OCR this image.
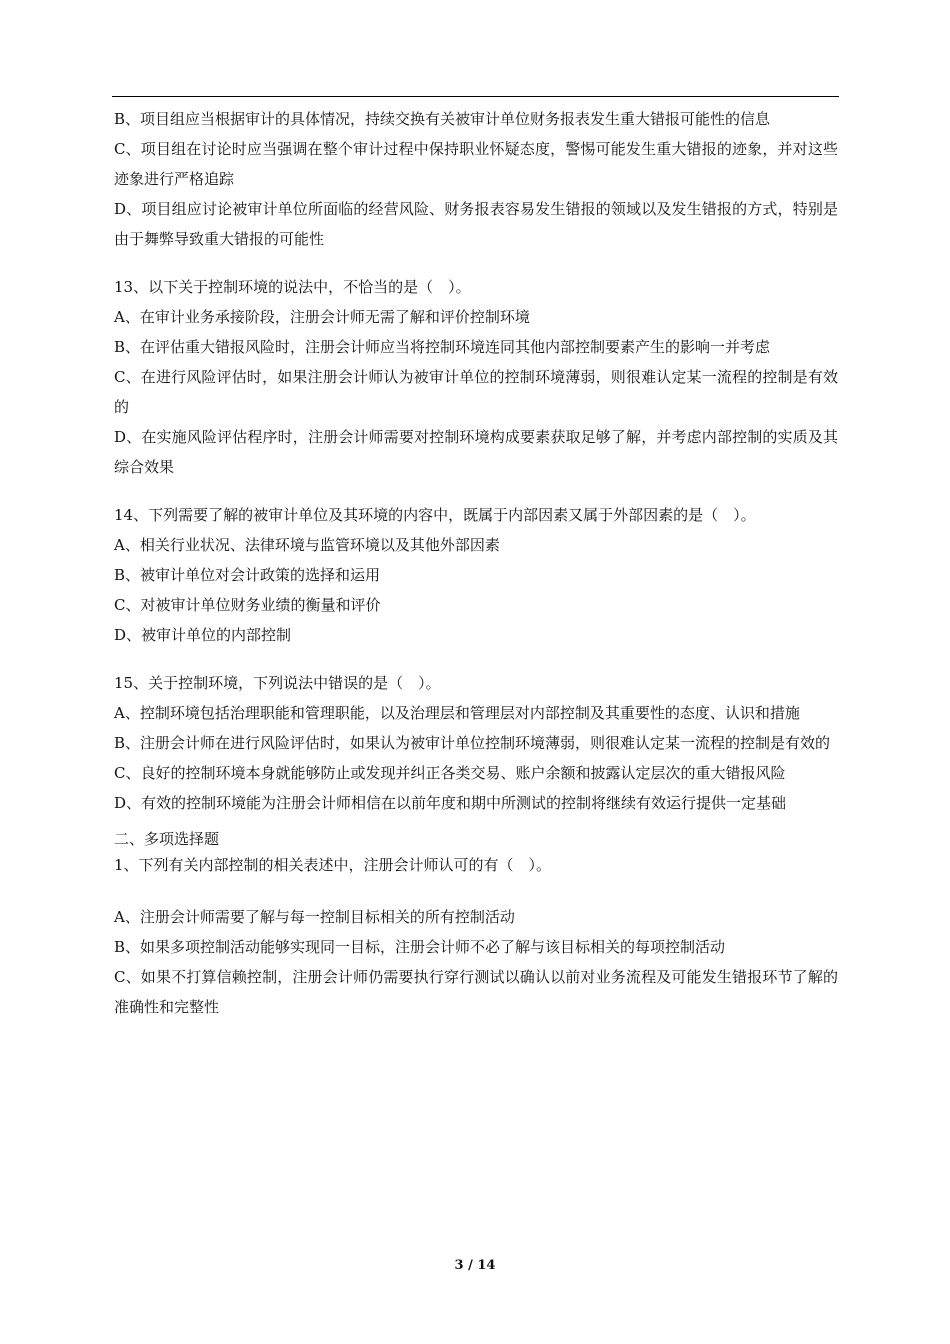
B、项目组应当根据审计的具体情况，持续交换有关被审计单位财务报表发生重大错报可能性的信息

C、项目组在讨论时应当强调在整个审计过程中保持职业怀疑态度，警惕可能发生重大错报的迹象，并对这些迹象进行严格追踪

D、项目组应讨论被审计单位所面临的经营风险、财务报表容易发生错报的领域以及发生错报的方式，特别是由于舞弊导致重大错报的可能性

13、以下关于控制环境的说法中，不恰当的是（　）。

A、在审计业务承接阶段，注册会计师无需了解和评价控制环境

B、在评估重大错报风险时，注册会计师应当将控制环境连同其他内部控制要素产生的影响一并考虑

C、在进行风险评估时，如果注册会计师认为被审计单位的控制环境薄弱，则很难认定某一流程的控制是有效的

D、在实施风险评估程序时，注册会计师需要对控制环境构成要素获取足够了解，并考虑内部控制的实质及其综合效果

14、下列需要了解的被审计单位及其环境的内容中，既属于内部因素又属于外部因素的是（　）。

A、相关行业状况、法律环境与监管环境以及其他外部因素

B、被审计单位对会计政策的选择和运用

C、对被审计单位财务业绩的衡量和评价

D、被审计单位的内部控制

15、关于控制环境，下列说法中错误的是（　）。

A、控制环境包括治理职能和管理职能，以及治理层和管理层对内部控制及其重要性的态度、认识和措施

B、注册会计师在进行风险评估时，如果认为被审计单位控制环境薄弱，则很难认定某一流程的控制是有效的

C、良好的控制环境本身就能够防止或发现并纠正各类交易、账户余额和披露认定层次的重大错报风险

D、有效的控制环境能为注册会计师相信在以前年度和期中所测试的控制将继续有效运行提供一定基础

二、多项选择题

1、下列有关内部控制的相关表述中，注册会计师认可的有（　）。

A、注册会计师需要了解与每一控制目标相关的所有控制活动

B、如果多项控制活动能够实现同一目标，注册会计师不必了解与该目标相关的每项控制活动

C、如果不打算信赖控制，注册会计师仍需要执行穿行测试以确认以前对业务流程及可能发生错报环节了解的准确性和完整性

3 / 14
